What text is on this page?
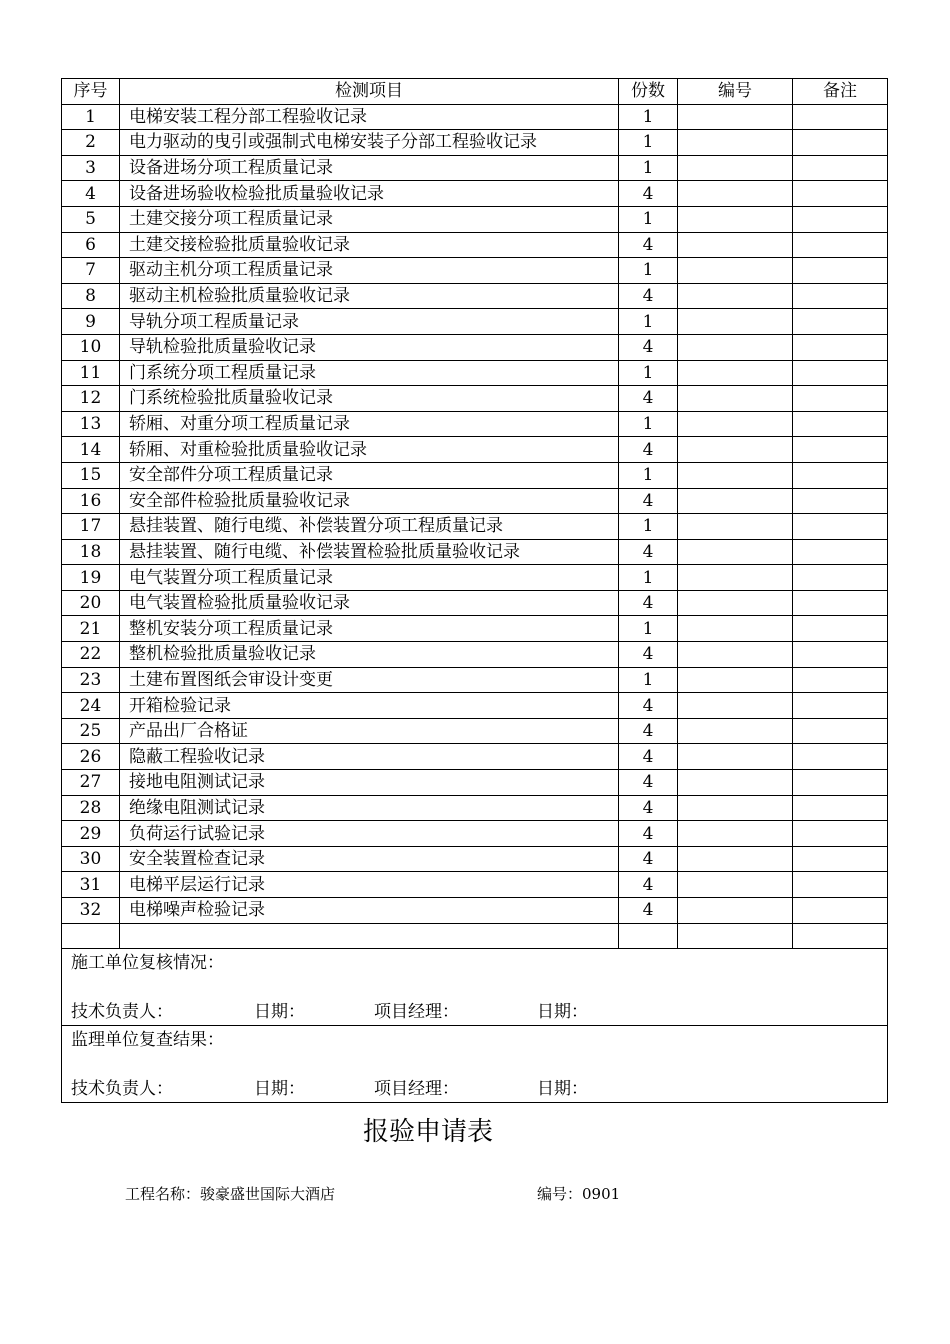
序号	检测项目	份数	编号	备注
1	电梯安装工程分部工程验收记录	1		
2	电力驱动的曳引或强制式电梯安装子分部工程验收记录	1		
3	设备进场分项工程质量记录	1		
4	设备进场验收检验批质量验收记录	4		
5	土建交接分项工程质量记录	1		
6	土建交接检验批质量验收记录	4		
7	驱动主机分项工程质量记录	1		
8	驱动主机检验批质量验收记录	4		
9	导轨分项工程质量记录	1		
10	导轨检验批质量验收记录	4		
11	门系统分项工程质量记录	1		
12	门系统检验批质量验收记录	4		
13	轿厢、对重分项工程质量记录	1		
14	轿厢、对重检验批质量验收记录	4		
15	安全部件分项工程质量记录	1		
16	安全部件检验批质量验收记录	4		
17	悬挂装置、随行电缆、补偿装置分项工程质量记录	1		
18	悬挂装置、随行电缆、补偿装置检验批质量验收记录	4		
19	电气装置分项工程质量记录	1		
20	电气装置检验批质量验收记录	4		
21	整机安装分项工程质量记录	1		
22	整机检验批质量验收记录	4		
23	土建布置图纸会审设计变更	1		
24	开箱检验记录	4		
25	产品出厂合格证	4		
26	隐蔽工程验收记录	4		
27	接地电阻测试记录	4		
28	绝缘电阻测试记录	4		
29	负荷运行试验记录	4		
30	安全装置检查记录	4		
31	电梯平层运行记录	4		
32	电梯噪声检验记录	4		

施工单位复核情况：
技术负责人： 日期： 项目经理： 日期：				

监理单位复查结果：
技术负责人： 日期： 项目经理： 日期：				
报验申请表
工程名称：骏豪盛世国际大酒店	编号：0901
